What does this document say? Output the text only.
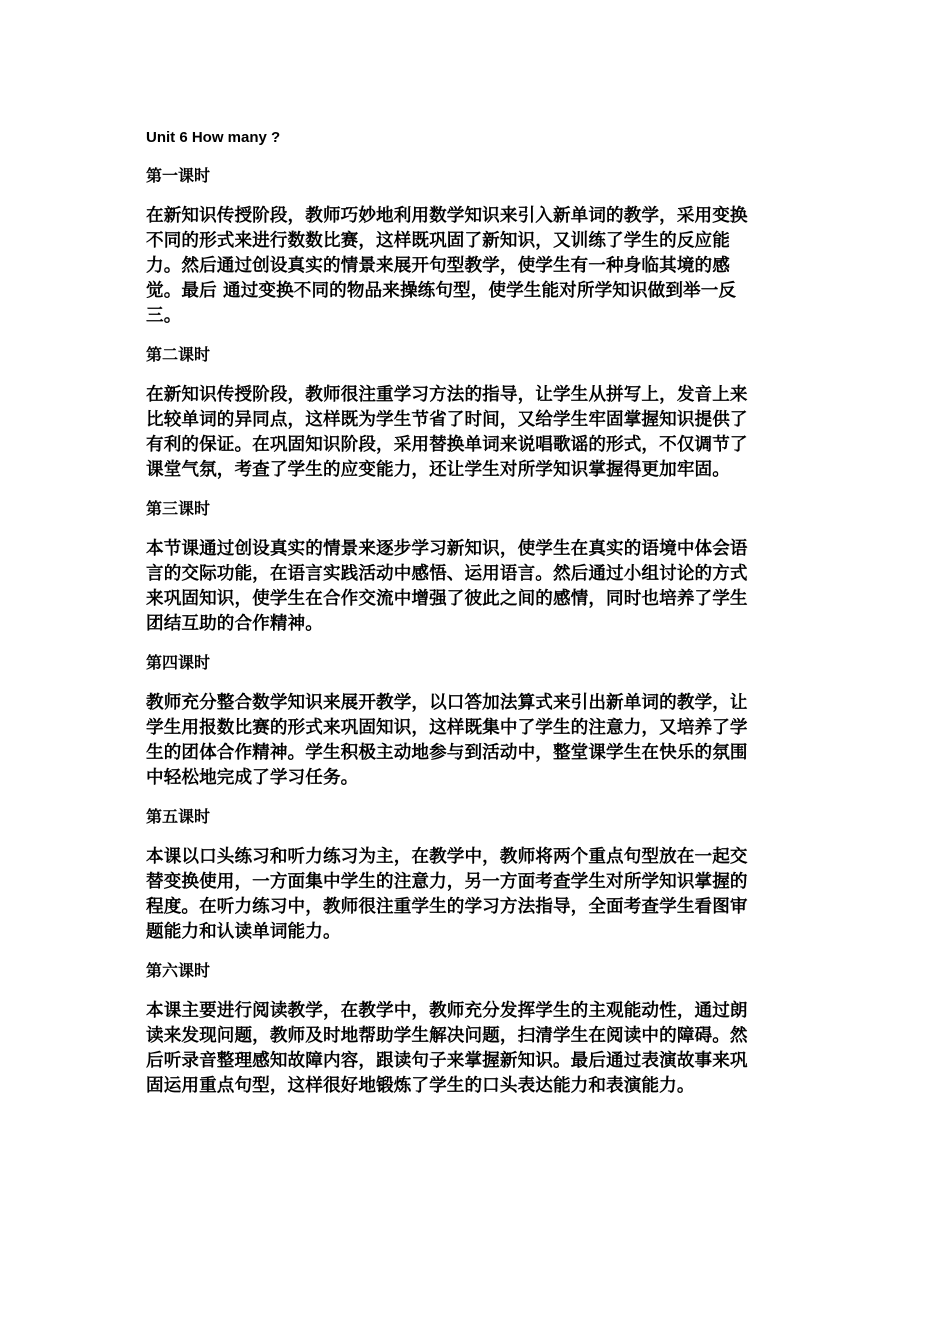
Unit 6 How many ?
第一课时
在新知识传授阶段，教师巧妙地利用数学知识来引入新单词的教学，采用变换
不同的形式来进行数数比赛，这样既巩固了新知识，又训练了学生的反应能
力。然后通过创设真实的情景来展开句型教学，使学生有一种身临其境的感
觉。最后 通过变换不同的物品来操练句型，使学生能对所学知识做到举一反
三。
第二课时
在新知识传授阶段，教师很注重学习方法的指导，让学生从拼写上，发音上来
比较单词的异同点，这样既为学生节省了时间，又给学生牢固掌握知识提供了
有利的保证。在巩固知识阶段，采用替换单词来说唱歌谣的形式，不仅调节了
课堂气氛，考查了学生的应变能力，还让学生对所学知识掌握得更加牢固。
第三课时
本节课通过创设真实的情景来逐步学习新知识，使学生在真实的语境中体会语
言的交际功能，在语言实践活动中感悟、运用语言。然后通过小组讨论的方式
来巩固知识，使学生在合作交流中增强了彼此之间的感情，同时也培养了学生
团结互助的合作精神。
第四课时
教师充分整合数学知识来展开教学，以口答加法算式来引出新单词的教学，让
学生用报数比赛的形式来巩固知识，这样既集中了学生的注意力，又培养了学
生的团体合作精神。学生积极主动地参与到活动中，整堂课学生在快乐的氛围
中轻松地完成了学习任务。
第五课时
本课以口头练习和听力练习为主，在教学中，教师将两个重点句型放在一起交
替变换使用，一方面集中学生的注意力，另一方面考查学生对所学知识掌握的
程度。在听力练习中，教师很注重学生的学习方法指导，全面考查学生看图审
题能力和认读单词能力。
第六课时
本课主要进行阅读教学，在教学中，教师充分发挥学生的主观能动性，通过朗
读来发现问题，教师及时地帮助学生解决问题，扫清学生在阅读中的障碍。然
后听录音整理感知故障内容，跟读句子来掌握新知识。最后通过表演故事来巩
固运用重点句型，这样很好地锻炼了学生的口头表达能力和表演能力。
